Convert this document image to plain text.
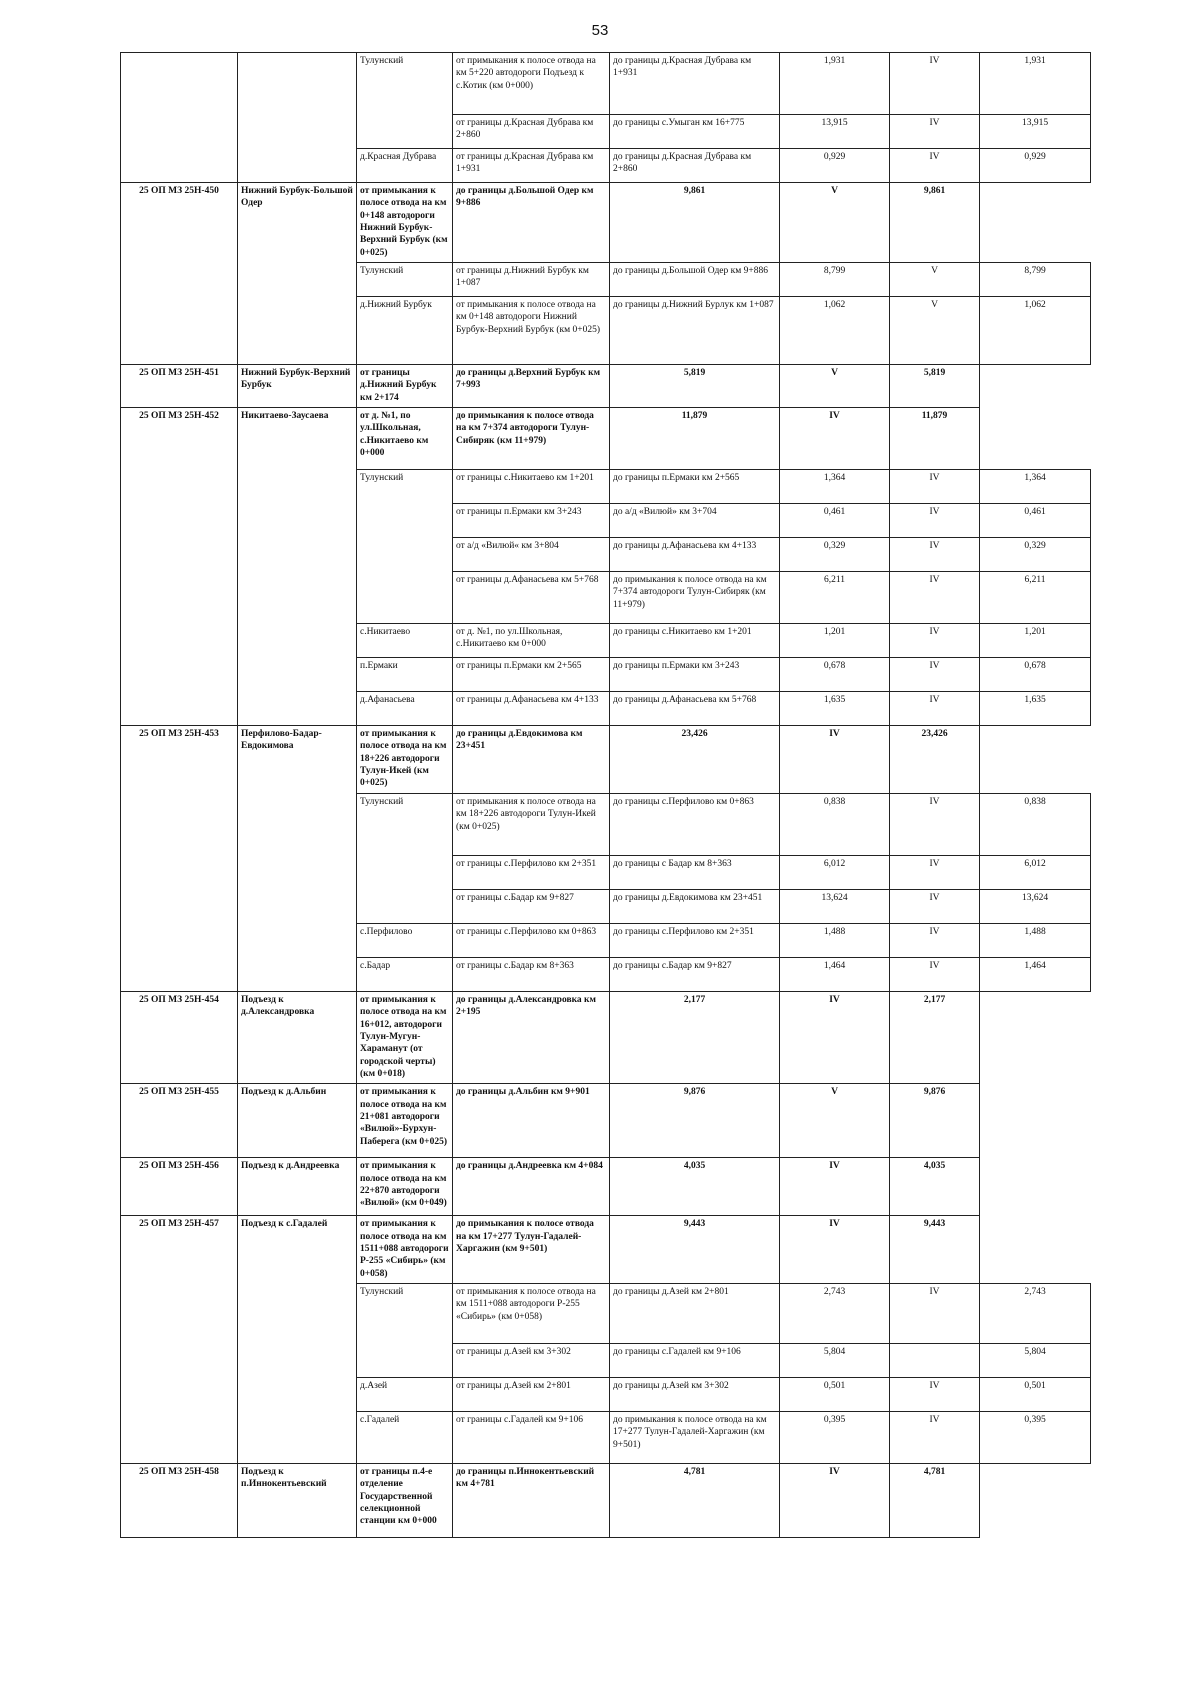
53
		Тулунский	от примыкания к полосе отвода на км 5+220 автодороги Подъезд к с.Котик (км 0+000)	до границы д.Красная Дубрава км 1+931	1,931	IV	1,931
			от границы д.Красная Дубрава км 2+860	до границы с.Умыган км 16+775	13,915	IV	13,915
		д.Красная Дубрава	от границы д.Красная Дубрава км 1+931	до границы д.Красная Дубрава км 2+860	0,929	IV	0,929
25 ОП МЗ 25Н-450	Нижний Бурбук-Большой Одер	от примыкания к полосе отвода на км 0+148 автодороги Нижний Бурбук-Верхний Бурбук (км 0+025)	до границы д.Большой Одер км 9+886	9,861	V	9,861	
		Тулунский	от границы д.Нижний Бурбук км 1+087	до границы д.Большой Одер км 9+886	8,799	V	8,799
		д.Нижний Бурбук	от примыкания к полосе отвода на км 0+148 автодороги Нижний Бурбук-Верхний Бурбук (км 0+025)	до границы д.Нижний Бурлук км 1+087	1,062	V	1,062
25 ОП МЗ 25Н-451	Нижний Бурбук-Верхний Бурбук	от границы д.Нижний Бурбук км 2+174	до границы д.Верхний Бурбук км 7+993	5,819	V	5,819	
25 ОП МЗ 25Н-452	Никитаево-Заусаева	от д. №1, по ул.Школьная, с.Никитаево км 0+000	до примыкания к полосе отвода на км 7+374 автодороги Тулун-Сибиряк (км 11+979)	11,879	IV	11,879	
		Тулунский	от границы с.Никитаево км 1+201	до границы п.Ермаки км 2+565	1,364	IV	1,364
			от границы п.Ермаки км 3+243	до а/д «Вилюй» км 3+704	0,461	IV	0,461
			от а/д «Вилюй« км 3+804	до границы д.Афанасьева км 4+133	0,329	IV	0,329
			от границы д.Афанасьева км 5+768	до примыкания к полосе отвода на км 7+374 автодороги Тулун-Сибиряк (км 11+979)	6,211	IV	6,211
		с.Никитаево	от д. №1, по ул.Школьная, с.Никитаево км 0+000	до границы с.Никитаево км 1+201	1,201	IV	1,201
		п.Ермаки	от границы п.Ермаки км 2+565	до границы п.Ермаки км 3+243	0,678	IV	0,678
		д.Афанасьева	от границы д.Афанасьева км 4+133	до границы д.Афанасьева км 5+768	1,635	IV	1,635
25 ОП МЗ 25Н-453	Перфилово-Бадар-Евдокимова	от примыкания к полосе отвода на км 18+226 автодороги Тулун-Икей (км 0+025)	до границы д.Евдокимова км 23+451	23,426	IV	23,426	
		Тулунский	от примыкания к полосе отвода на км 18+226 автодороги Тулун-Икей (км 0+025)	до границы с.Перфилово км 0+863	0,838	IV	0,838
			от границы с.Перфилово км 2+351	до границы с Бадар км 8+363	6,012	IV	6,012
			от границы с.Бадар км 9+827	до границы д.Евдокимова км 23+451	13,624	IV	13,624
		с.Перфилово	от границы с.Перфилово км 0+863	до границы с.Перфилово км 2+351	1,488	IV	1,488
		с.Бадар	от границы с.Бадар км 8+363	до границы с.Бадар км 9+827	1,464	IV	1,464
25 ОП МЗ 25Н-454	Подъезд к д.Александровка	от примыкания к полосе отвода на км 16+012, автодороги Тулун-Мугун-Хараманут (от городской черты) (км 0+018)	до границы д.Александровка км 2+195	2,177	IV	2,177	
25 ОП МЗ 25Н-455	Подъезд к д.Альбин	от примыкания к полосе отвода на км 21+081 автодороги «Вилюй»-Бурхун-Паберега (км 0+025)	до границы д.Альбин км 9+901	9,876	V	9,876	
25 ОП МЗ 25Н-456	Подъезд к д.Андреевка	от примыкания к полосе отвода на км 22+870 автодороги «Вилюй» (км 0+049)	до границы д.Андреевка км 4+084	4,035	IV	4,035	
25 ОП МЗ 25Н-457	Подъезд к с.Гадалей	от примыкания к полосе отвода на км 1511+088 автодороги Р-255 «Сибирь» (км 0+058)	до примыкания к полосе отвода на км 17+277 Тулун-Гадалей-Харгажин (км 9+501)	9,443	IV	9,443	
		Тулунский	от примыкания к полосе отвода на км 1511+088 автодороги Р-255 «Сибирь» (км 0+058)	до границы д.Азей км 2+801	2,743	IV	2,743
			от границы д.Азей км 3+302	до границы с.Гадалей км 9+106	5,804		5,804
		д.Азей	от границы д.Азей км 2+801	до границы д.Азей км 3+302	0,501	IV	0,501
		с.Гадалей	от границы с.Гадалей км 9+106	до примыкания к полосе отвода на км 17+277 Тулун-Гадалей-Харгажин (км 9+501)	0,395	IV	0,395
25 ОП МЗ 25Н-458	Подъезд к п.Иннокентьевский	от границы п.4-е отделение Государственной селекционной станции км 0+000	до границы п.Иннокентьевский км 4+781	4,781	IV	4,781	
